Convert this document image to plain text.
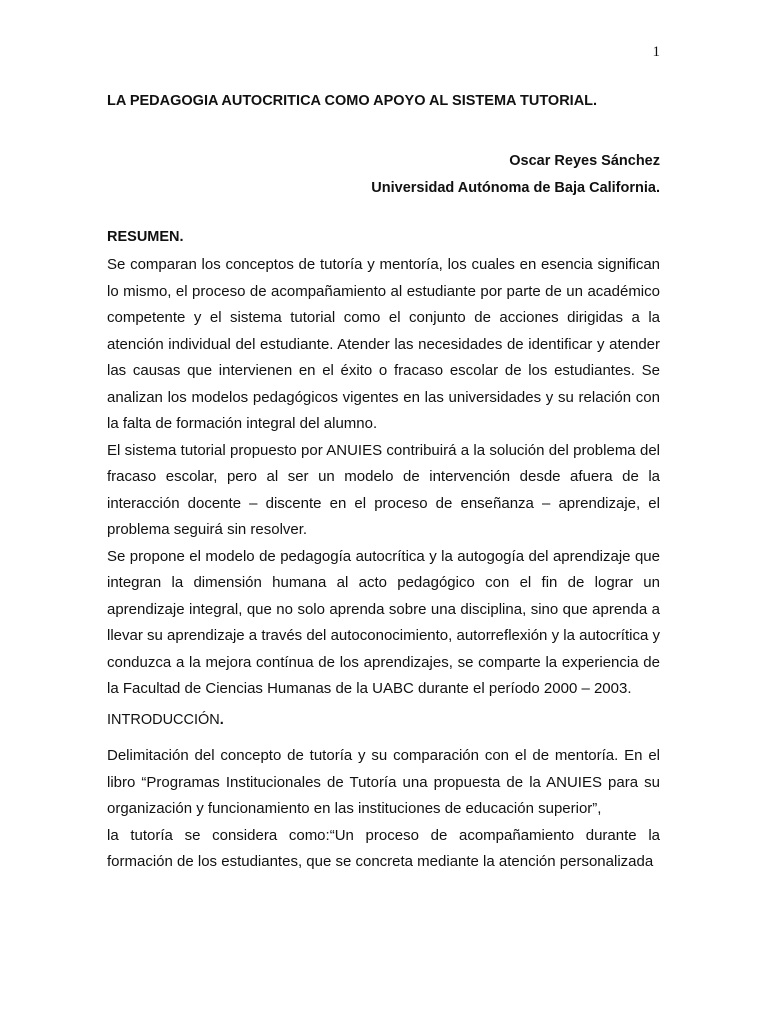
1
LA PEDAGOGIA AUTOCRITICA COMO APOYO AL SISTEMA TUTORIAL.
Oscar Reyes Sánchez
Universidad Autónoma de Baja California.
RESUMEN.

Se comparan los conceptos de tutoría y mentoría, los cuales en esencia significan lo mismo, el proceso de acompañamiento al estudiante por parte de un académico competente y el sistema tutorial como el conjunto de acciones dirigidas a la atención individual del estudiante. Atender las necesidades de identificar y atender las causas que intervienen en el éxito o fracaso escolar de los estudiantes. Se analizan los modelos pedagógicos vigentes en las universidades y su relación con la falta de formación integral del alumno.

El sistema tutorial propuesto por ANUIES contribuirá a la solución del problema del fracaso escolar, pero al ser un modelo de intervención desde afuera de la interacción docente – discente en el proceso de enseñanza – aprendizaje, el problema seguirá sin resolver.

Se propone el modelo de pedagogía autocrítica y la autogogía del aprendizaje que integran la dimensión humana al acto pedagógico con el fin de lograr un aprendizaje integral, que no solo aprenda sobre una disciplina, sino que aprenda a llevar su aprendizaje a través del autoconocimiento, autorreflexión y la autocrítica y conduzca a la mejora contínua de los aprendizajes, se comparte la experiencia de la Facultad de Ciencias Humanas de la UABC durante el período 2000 – 2003.

INTRODUCCIÓN.

Delimitación del concepto de tutoría y su comparación con el de mentoría. En el libro “Programas Institucionales de Tutoría una propuesta de la ANUIES para su organización y funcionamiento en las instituciones de educación superior”,

la tutoría se considera como:“Un proceso de acompañamiento durante la formación de los estudiantes, que se concreta mediante la atención personalizada
